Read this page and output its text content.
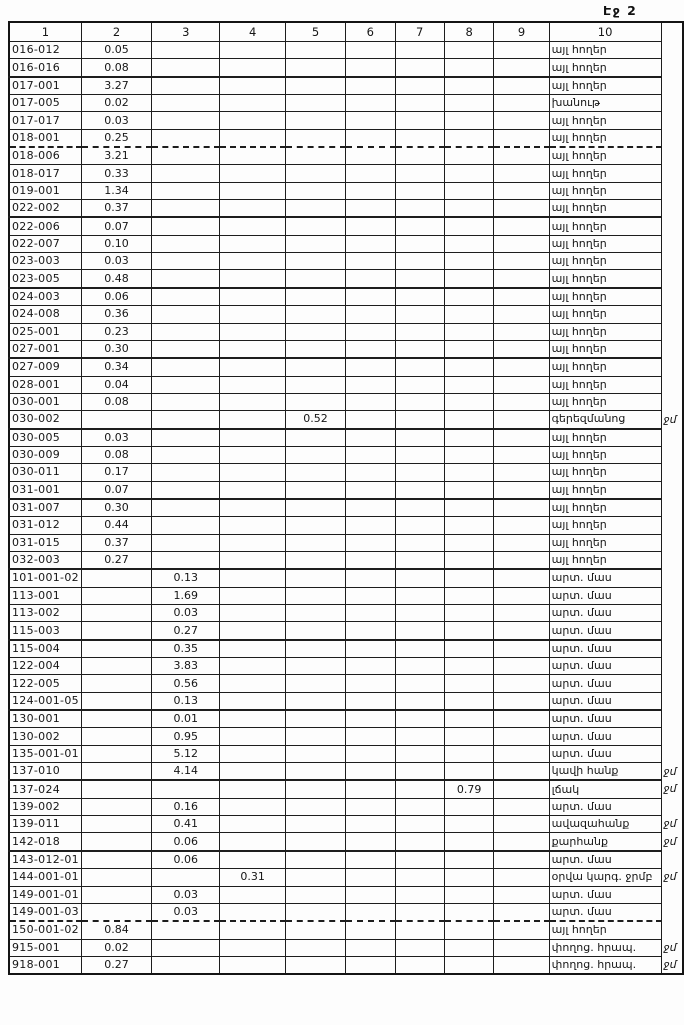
Էջ 2
1	2	3	4	5	6	7	8	9	10	
016-012	0.05								այլ հողեր	
016-016	0.08								այլ հողեր	
017-001	3.27								այլ հողեր	
017-005	0.02								խանութ	
017-017	0.03								այլ հողեր	
018-001	0.25								այլ հողեր	
018-006	3.21								այլ հողեր	
018-017	0.33								այլ հողեր	
019-001	1.34								այլ հողեր	
022-002	0.37								այլ հողեր	
022-006	0.07								այլ հողեր	
022-007	0.10								այլ հողեր	
023-003	0.03								այլ հողեր	
023-005	0.48								այլ հողեր	
024-003	0.06								այլ հողեր	
024-008	0.36								այլ հողեր	
025-001	0.23								այլ հողեր	
027-001	0.30								այլ հողեր	
027-009	0.34								այլ հողեր	
028-001	0.04								այլ հողեր	
030-001	0.08								այլ հողեր	
030-002				0.52					գերեզմանոց	ջմ
030-005	0.03								այլ հողեր	
030-009	0.08								այլ հողեր	
030-011	0.17								այլ հողեր	
031-001	0.07								այլ հողեր	
031-007	0.30								այլ հողեր	
031-012	0.44								այլ հողեր	
031-015	0.37								այլ հողեր	
032-003	0.27								այլ հողեր	
101-001-02		0.13							արտ. մաս	
113-001		1.69							արտ. մաս	
113-002		0.03							արտ. մաս	
115-003		0.27							արտ. մաս	
115-004		0.35							արտ. մաս	
122-004		3.83							արտ. մաս	
122-005		0.56							արտ. մաս	
124-001-05		0.13							արտ. մաս	
130-001		0.01							արտ. մաս	
130-002		0.95							արտ. մաս	
135-001-01		5.12							արտ. մաս	
137-010		4.14							կավի հանք	ջմ
137-024							0.79		լճակ	ջմ
139-002		0.16							արտ. մաս	
139-011		0.41							ավազահանք	ջմ
142-018		0.06							քարհանք	ջմ
143-012-01		0.06							արտ. մաս	
144-001-01			0.31						օրվա կարգ. ջրմբ	ջմ
149-001-01		0.03							արտ. մաս	
149-001-03		0.03							արտ. մաս	
150-001-02	0.84								այլ հողեր	
915-001	0.02								փողոց. հրապ.	ջմ
918-001	0.27								փողոց. հրապ.	ջմ
